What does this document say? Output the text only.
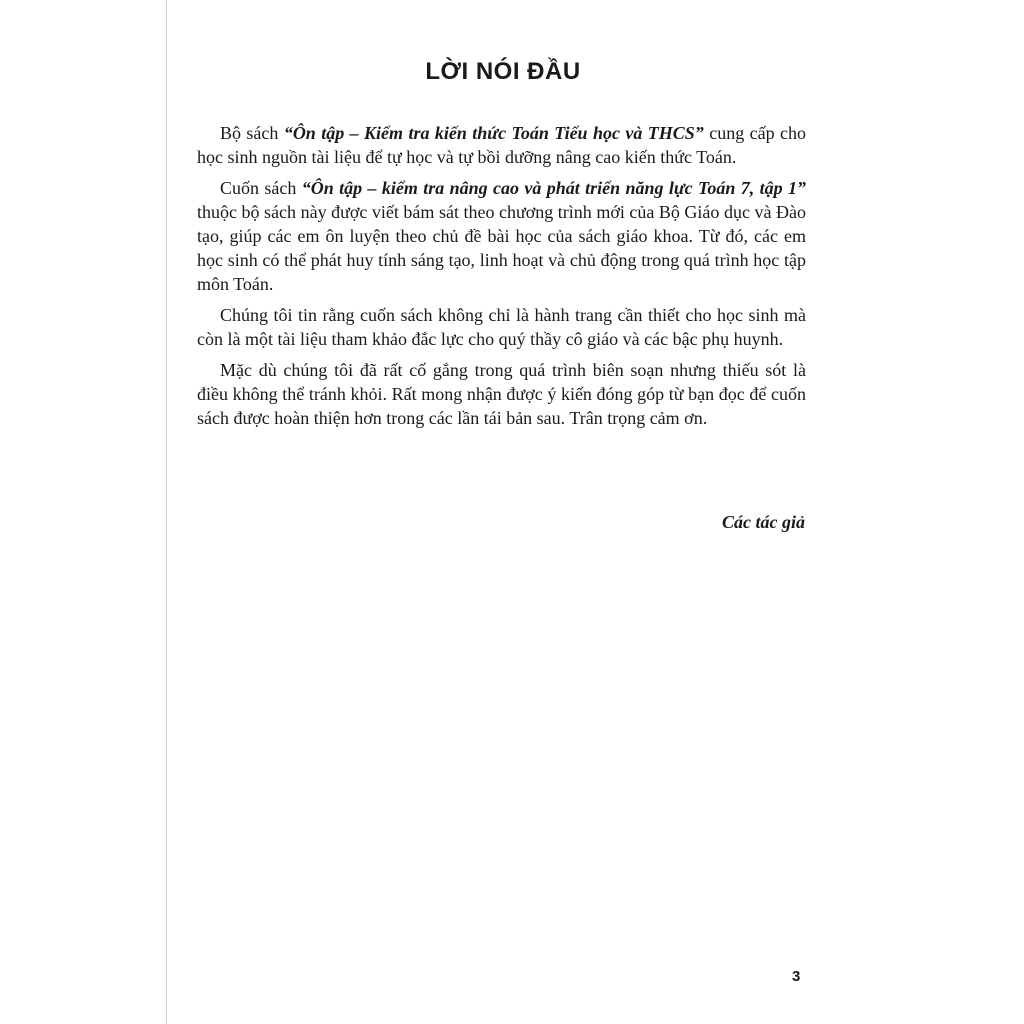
LỜI NÓI ĐẦU

Bộ sách “Ôn tập – Kiểm tra kiến thức Toán Tiểu học và THCS” cung cấp cho học sinh nguồn tài liệu để tự học và tự bồi dưỡng nâng cao kiến thức Toán.

Cuốn sách “Ôn tập – kiểm tra nâng cao và phát triển năng lực Toán 7, tập 1” thuộc bộ sách này được viết bám sát theo chương trình mới của Bộ Giáo dục và Đào tạo, giúp các em ôn luyện theo chủ đề bài học của sách giáo khoa. Từ đó, các em học sinh có thể phát huy tính sáng tạo, linh hoạt và chủ động trong quá trình học tập môn Toán.

Chúng tôi tin rằng cuốn sách không chỉ là hành trang cần thiết cho học sinh mà còn là một tài liệu tham khảo đắc lực cho quý thầy cô giáo và các bậc phụ huynh.

Mặc dù chúng tôi đã rất cố gắng trong quá trình biên soạn nhưng thiếu sót là điều không thể tránh khỏi. Rất mong nhận được ý kiến đóng góp từ bạn đọc để cuốn sách được hoàn thiện hơn trong các lần tái bản sau. Trân trọng cảm ơn.

Các tác giả
3
